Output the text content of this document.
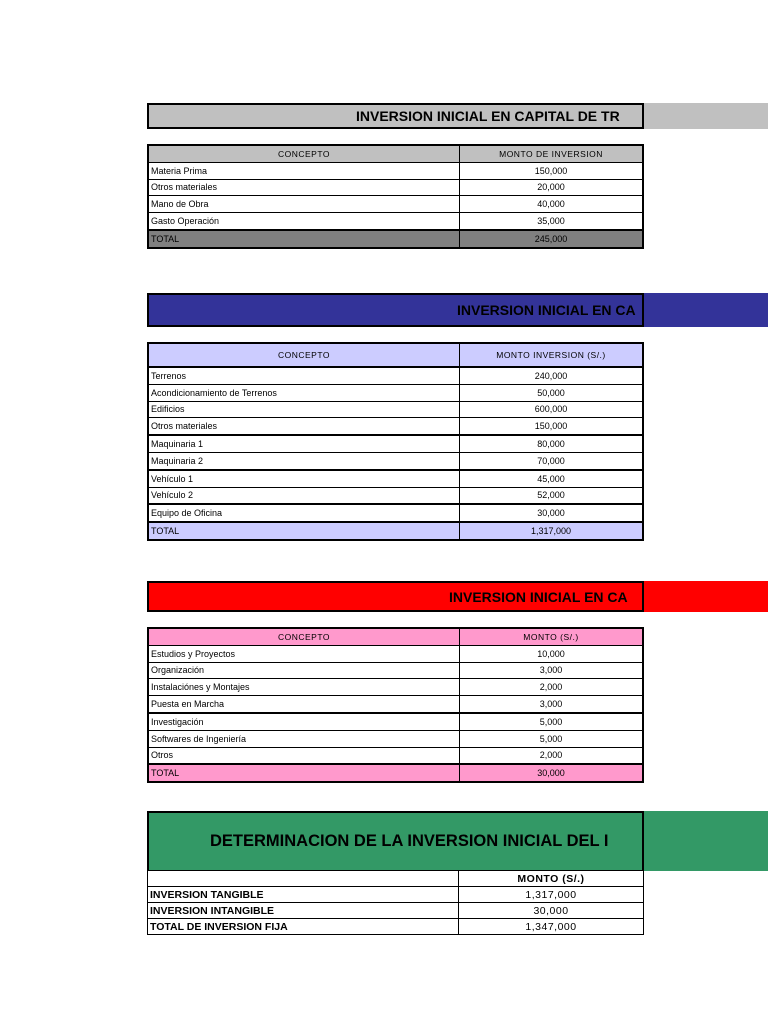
INVERSION INICIAL EN CAPITAL DE TR
CONCEPTO	MONTO DE INVERSION
Materia Prima	150,000
Otros materiales	20,000
Mano de Obra	40,000
Gasto Operación	35,000
TOTAL	245,000
INVERSION INICIAL EN CA
CONCEPTO	MONTO INVERSION (S/.)
Terrenos	240,000
Acondicionamiento de Terrenos	50,000
Edificios	600,000
Otros materiales	150,000
Maquinaria 1	80,000
Maquinaria 2	70,000
Vehículo 1	45,000
Vehículo 2	52,000
Equipo de Oficina	30,000
TOTAL	1,317,000
INVERSION INICIAL EN CA
CONCEPTO	MONTO (S/.)
Estudios y Proyectos	10,000
Organización	3,000
Instalaciónes y Montajes	2,000
Puesta en Marcha	3,000
Investigación	5,000
Softwares de Ingeniería	5,000
Otros	2,000
TOTAL	30,000
DETERMINACION DE LA INVERSION INICIAL DEL I
	MONTO (S/.)
INVERSION TANGIBLE	1,317,000
INVERSION INTANGIBLE	30,000
TOTAL DE INVERSION FIJA	1,347,000
